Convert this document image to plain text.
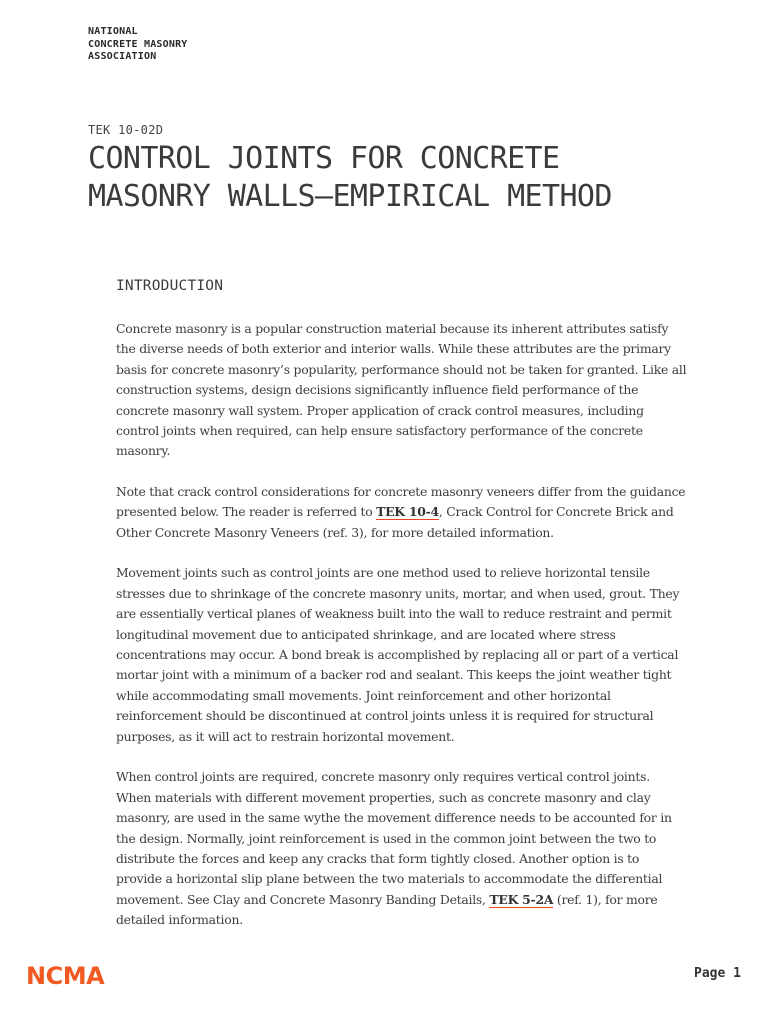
NATIONAL
CONCRETE MASONRY
ASSOCIATION
TEK 10-02D
CONTROL JOINTS FOR CONCRETE
MASONRY WALLS—EMPIRICAL METHOD
INTRODUCTION

Concrete masonry is a popular construction material because its inherent attributes satisfy the diverse needs of both exterior and interior walls. While these attributes are the primary basis for concrete masonry’s popularity, performance should not be taken for granted. Like all construction systems, design decisions significantly influence field performance of the concrete masonry wall system. Proper application of crack control measures, including control joints when required, can help ensure satisfactory performance of the concrete masonry.

Note that crack control considerations for concrete masonry veneers differ from the guidance presented below. The reader is referred to TEK 10-4, Crack Control for Concrete Brick and Other Concrete Masonry Veneers (ref. 3), for more detailed information.

Movement joints such as control joints are one method used to relieve horizontal tensile stresses due to shrinkage of the concrete masonry units, mortar, and when used, grout. They are essentially vertical planes of weakness built into the wall to reduce restraint and permit longitudinal movement due to anticipated shrinkage, and are located where stress concentrations may occur. A bond break is accomplished by replacing all or part of a vertical mortar joint with a minimum of a backer rod and sealant. This keeps the joint weather tight while accommodating small movements. Joint reinforcement and other horizontal reinforcement should be discontinued at control joints unless it is required for structural purposes, as it will act to restrain horizontal movement.

When control joints are required, concrete masonry only requires vertical control joints. When materials with different movement properties, such as concrete masonry and clay masonry, are used in the same wythe the movement difference needs to be accounted for in the design. Normally, joint reinforcement is used in the common joint between the two to distribute the forces and keep any cracks that form tightly closed. Another option is to provide a horizontal slip plane between the two materials to accommodate the differential movement. See Clay and Concrete Masonry Banding Details, TEK 5-2A (ref. 1), for more detailed information.

NCMA	Page 1
